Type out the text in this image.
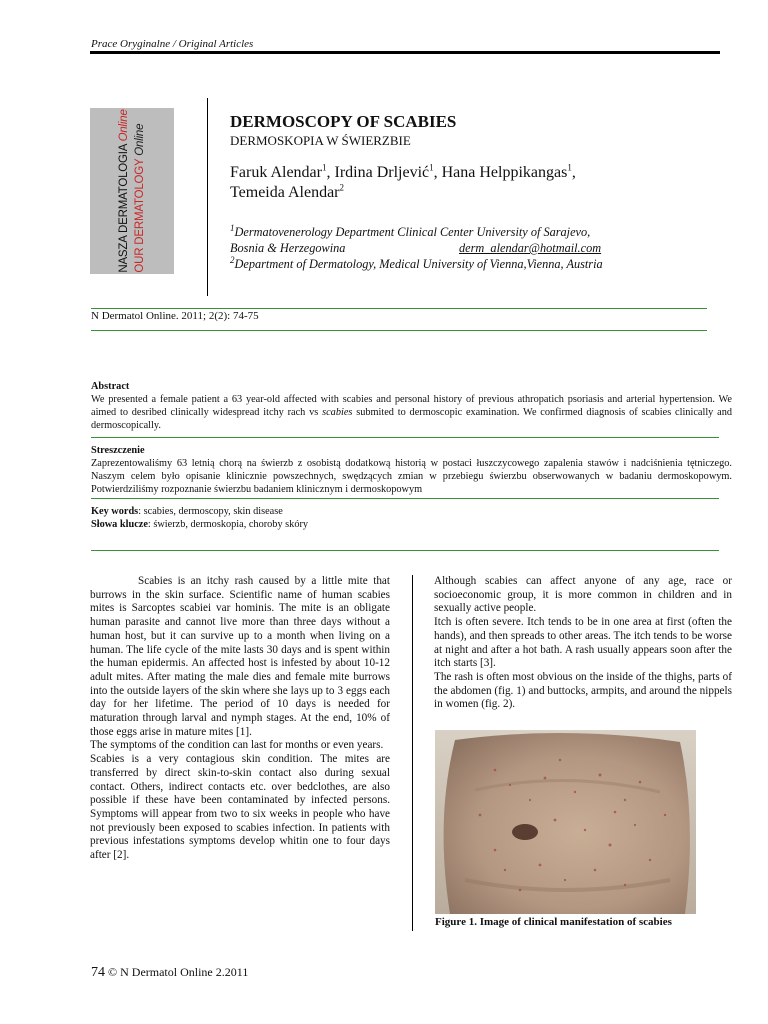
Prace Oryginalne / Original Articles
NASZA DERMATOLOGIA Online
OUR DERMATOLOGY Online
DERMOSCOPY OF SCABIES
DERMOSKOPIA W ŚWIERZBIE
Faruk Alendar$^1$, Irdina Drljević$^1$, Hana Helppikangas$^1$,
Temeida Alendar$^2$
$^1$Dermatovenerology Department Clinical Center University of Sarajevo,
Bosnia & Herzegowina	derm_alendar@hotmail.com
$^2$Department of Dermatology, Medical University of Vienna,Vienna, Austria
N Dermatol Online. 2011; 2(2): 74-75
Abstract
We presented a female patient a 63 year-old affected with scabies and personal history of previous athropatich psoriasis and arterial hypertension. We aimed to desribed clinically widespread itchy rach vs scabies submited to dermoscopic examination. We confirmed diagnosis of scabies clinically and dermoscopically.
Streszczenie
Zaprezentowaliśmy 63 letnią chorą na świerzb z osobistą dodatkową historią w postaci łuszczycowego zapalenia stawów i nadciśnienia tętniczego. Naszym celem było opisanie klinicznie powszechnych, swędzących zmian w przebiegu świerzbu obserwowanych w badaniu dermoskopowym. Potwierdziliśmy rozpoznanie świerzbu badaniem klinicznym i dermoskopowym
Key words: scabies, dermoscopy, skin disease
Słowa klucze: świerzb, dermoskopia, choroby skóry

Scabies is an itchy rash caused by a little mite that burrows in the skin surface. Scientific name of human scabies mites is Sarcoptes scabiei var hominis. The mite is an obligate human parasite and cannot live more than three days without a human host, but it can survive up to a month when living on a human. The life cycle of the mite lasts 30 days and is spent within the human epidermis. An affected host is infested by about 10-12 adult mites. After mating the male dies and female mite burrows into the outside layers of the skin where she lays up to 3 eggs each day for her lifetime. The period of 10 days is needed for maturation through larval and nymph stages. At the end, 10% of those eggs arise in mature mites [1].

The symptoms of the condition can last for months or even years.

Scabies is a very contagious skin condition. The mites are transferred by direct skin-to-skin contact also during sexual contact. Others, indirect contacts etc. over bedclothes, are also possible if these have been contaminated by infected persons. Symptoms will appear from two to six weeks in people who have not previously been exposed to scabies infection. In patients with previous infestations symptoms develop whitin one to four days after [2].

Although scabies can affect anyone of any age, race or socioeconomic group, it is more common in children and in sexually active people.

Itch is often severe. Itch tends to be in one area at first (often the hands), and then spreads to other areas. The itch tends to be worse at night and after a hot bath. A rash usually appears soon after the itch starts [3].

The rash is often most obvious on the inside of the thighs, parts of the abdomen (fig. 1) and buttocks, armpits, and around the nippels in women (fig. 2).

Figure 1. Image of clinical manifestation of scabies
74 © N Dermatol Online 2.2011
